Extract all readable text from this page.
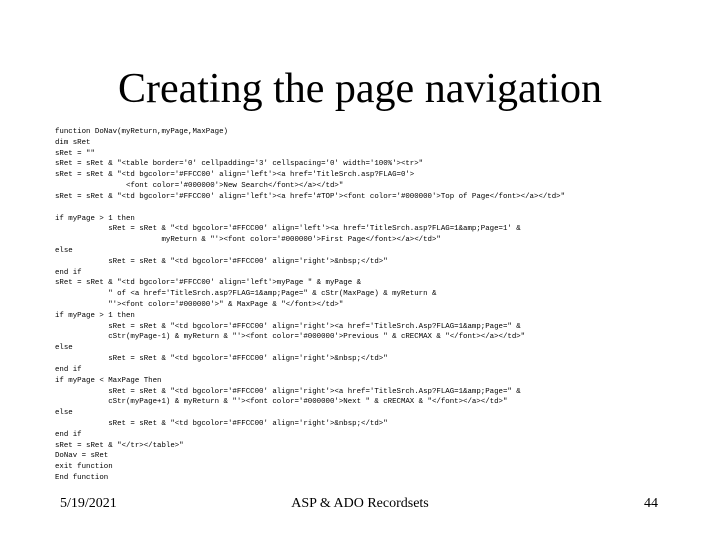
Creating the page navigation
function DoNav(myReturn,myPage,MaxPage)
dim sRet
sRet = ""
sRet = sRet & "<table border='0' cellpadding='3' cellspacing='0' width='100%'><tr>"
sRet = sRet & "<td bgcolor='#FFCC00' align='left'><a href='TitleSrch.asp?FLAG=0'>
<font color='#000000'>New Search</font></a></td>"
sRet = sRet & "<td bgcolor='#FFCC00' align='left'><a href='#TOP'><font color='#000000'>Top of Page</font></a></td>"
if myPage > 1 then
sRet = sRet & "<td bgcolor='#FFCC00' align='left'><a href='TitleSrch.asp?FLAG=1&amp;Page=1' &
myReturn & "'><font color='#000000'>First Page</font></a></td>"
else
sRet = sRet & "<td bgcolor='#FFCC00' align='right'>&nbsp;</td>"
end if
sRet = sRet & "<td bgcolor='#FFCC00' align='left'>myPage " & myPage &
" of <a href='TitleSrch.asp?FLAG=1&amp;Page=" & cStr(MaxPage) & myReturn &
"'><font color='#000000'>" & MaxPage & "</font></td>"
if myPage > 1 then
sRet = sRet & "<td bgcolor='#FFCC00' align='right'><a href='TitleSrch.Asp?FLAG=1&amp;Page=" &
cStr(myPage-1) & myReturn & "'><font color='#000000'>Previous " & cRECMAX & "</font></a></td>"
else
sRet = sRet & "<td bgcolor='#FFCC00' align='right'>&nbsp;</td>"
end if
if myPage < MaxPage Then
sRet = sRet & "<td bgcolor='#FFCC00' align='right'><a href='TitleSrch.Asp?FLAG=1&amp;Page=" &
cStr(myPage+1) & myReturn & "'><font color='#000000'>Next " & cRECMAX & "</font></a></td>"
else
sRet = sRet & "<td bgcolor='#FFCC00' align='right'>&nbsp;</td>"
end if
sRet = sRet & "</tr></table>"
DoNav = sRet
exit function
End function
5/19/2021	ASP & ADO Recordsets	44
